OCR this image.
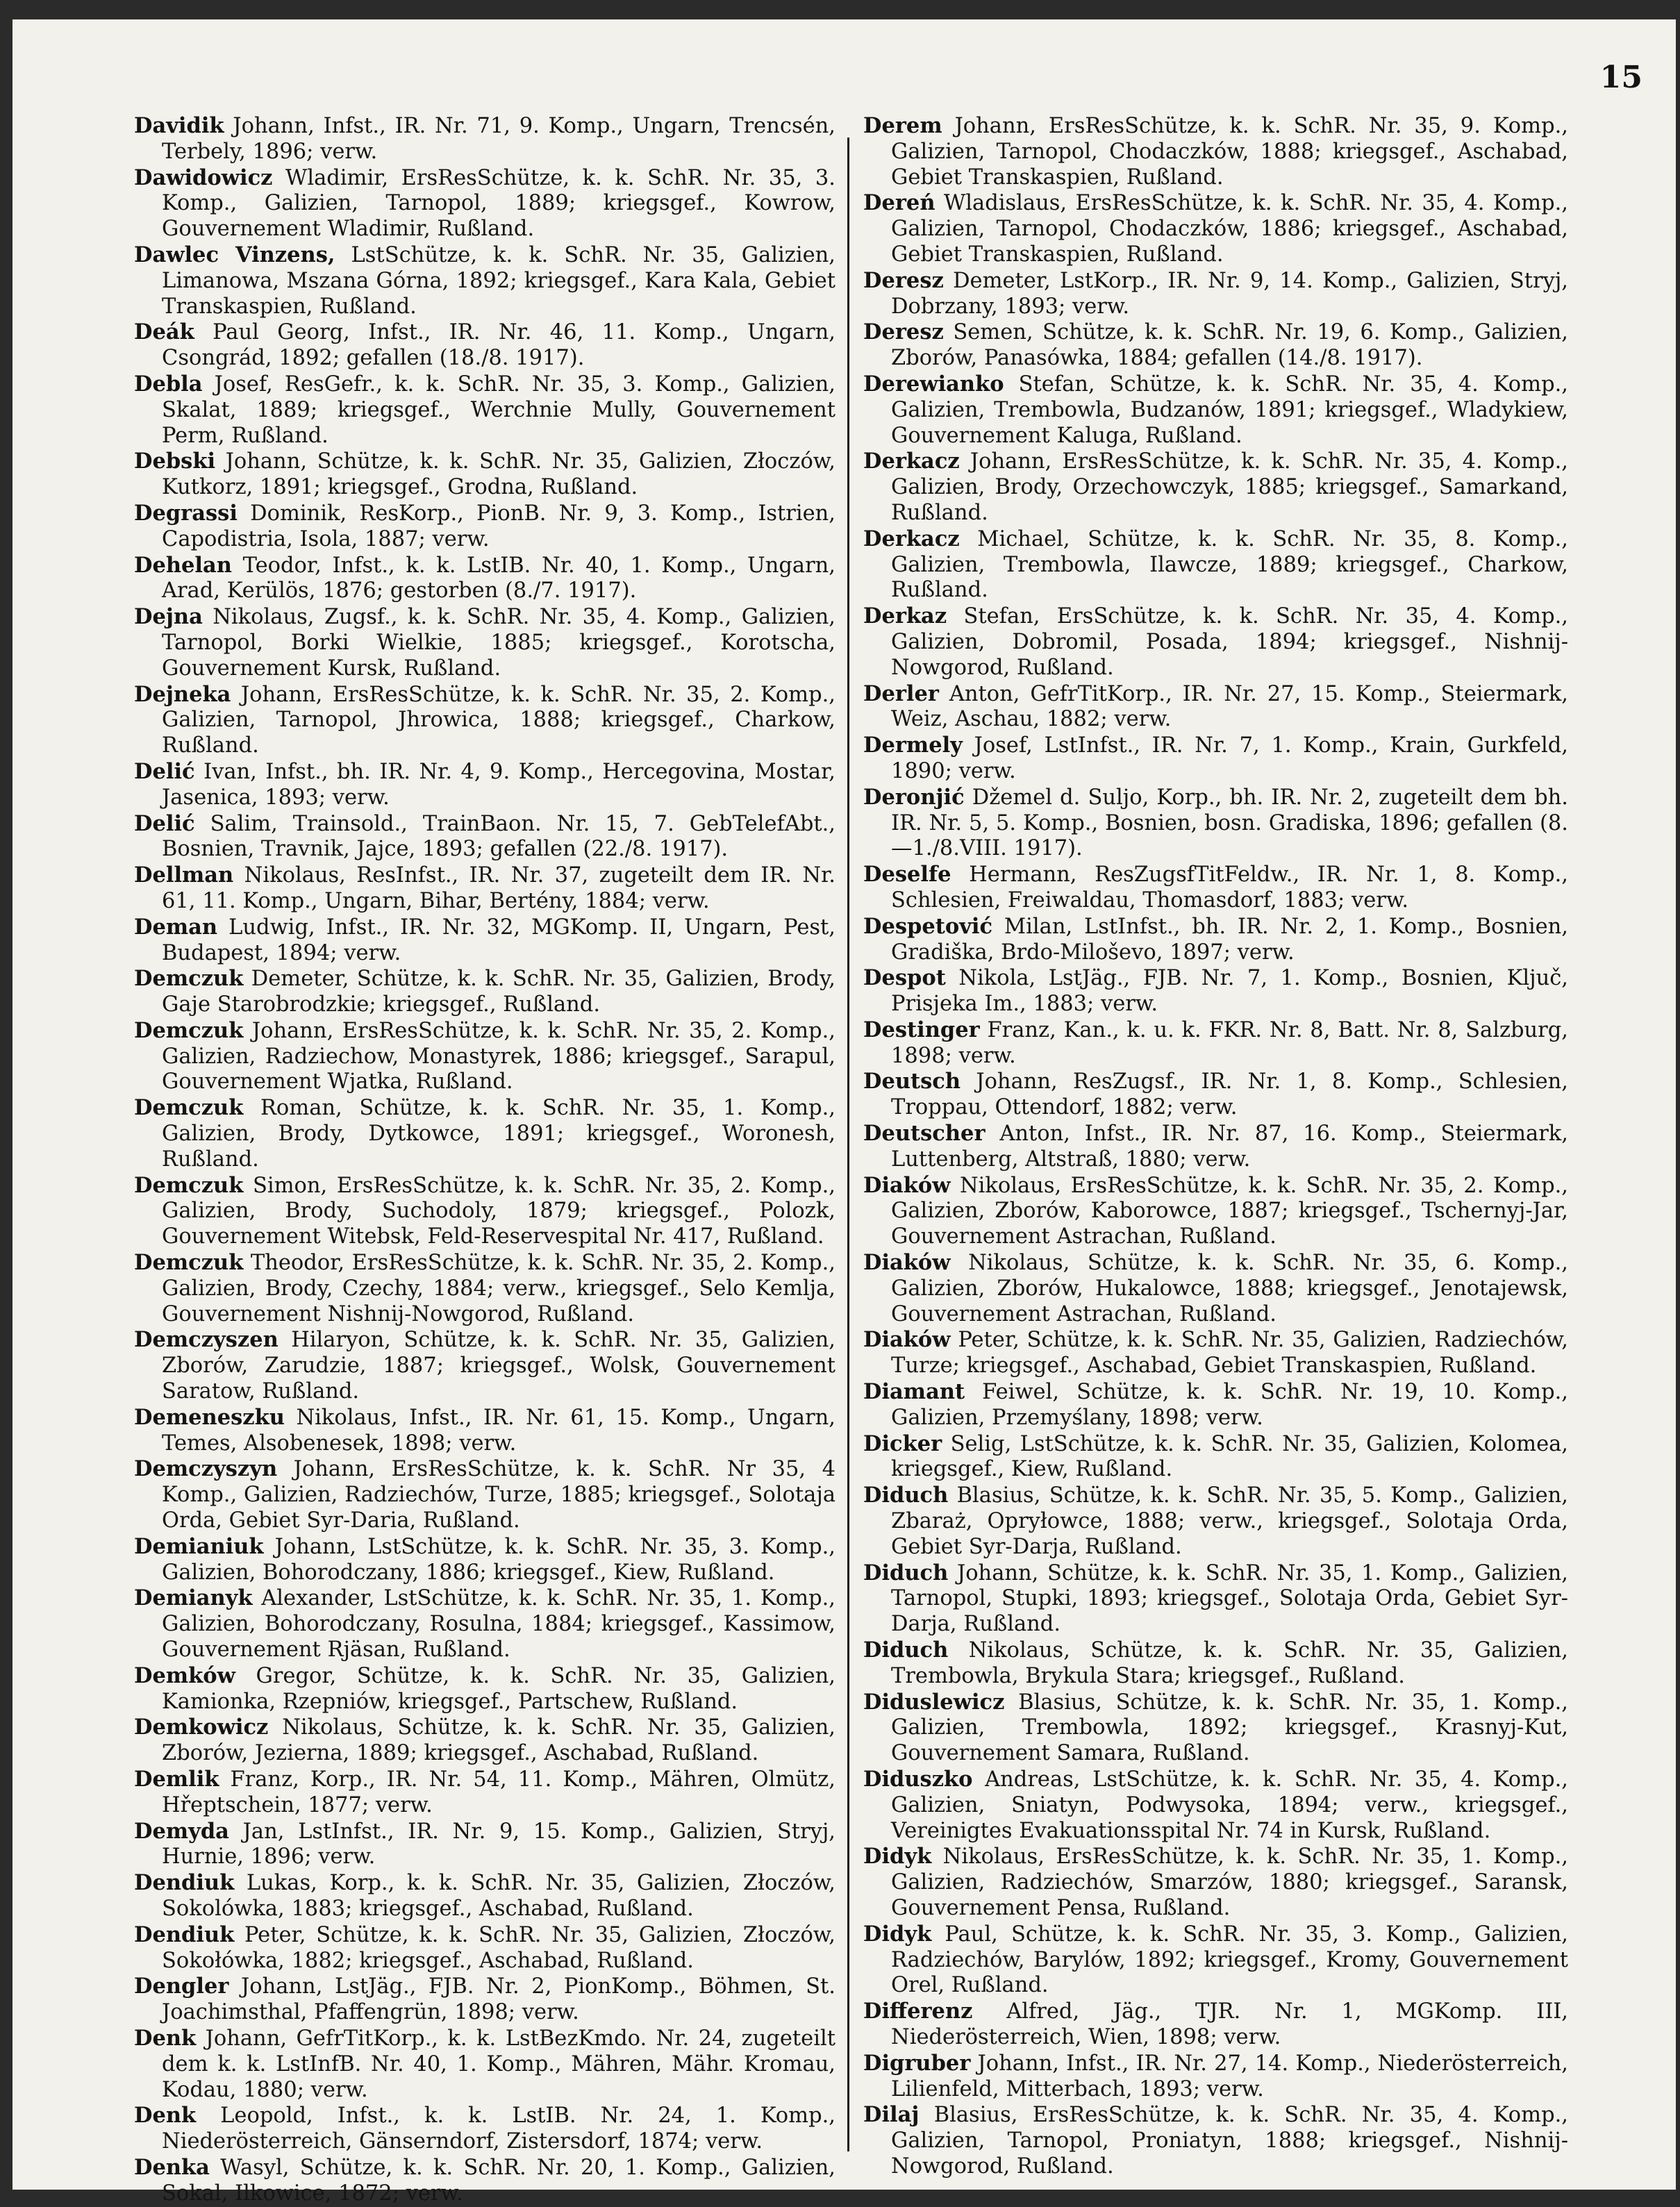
15

Davidik Johann, Infst., IR. Nr. 71, 9. Komp., Ungarn, Trencsén, Terbely, 1896; verw.

Dawidowicz Wladimir, ErsResSchütze, k. k. SchR. Nr. 35, 3. Komp., Galizien, Tarnopol, 1889; kriegsgef., Kowrow, Gouvernement Wladimir, Rußland.

Dawlec Vinzens, LstSchütze, k. k. SchR. Nr. 35, Galizien, Limanowa, Mszana Górna, 1892; kriegsgef., Kara Kala, Gebiet Transkaspien, Rußland.

Deák Paul Georg, Infst., IR. Nr. 46, 11. Komp., Ungarn, Csongrád, 1892; gefallen (18./8. 1917).

Debla Josef, ResGefr., k. k. SchR. Nr. 35, 3. Komp., Galizien, Skalat, 1889; kriegsgef., Werchnie Mully, Gouvernement Perm, Rußland.

Debski Johann, Schütze, k. k. SchR. Nr. 35, Galizien, Złoczów, Kutkorz, 1891; kriegsgef., Grodna, Rußland.

Degrassi Dominik, ResKorp., PionB. Nr. 9, 3. Komp., Istrien, Capodistria, Isola, 1887; verw.

Dehelan Teodor, Infst., k. k. LstIB. Nr. 40, 1. Komp., Ungarn, Arad, Kerülös, 1876; gestorben (8./7. 1917).

Dejna Nikolaus, Zugsf., k. k. SchR. Nr. 35, 4. Komp., Galizien, Tarnopol, Borki Wielkie, 1885; kriegsgef., Korotscha, Gouvernement Kursk, Rußland.

Dejneka Johann, ErsResSchütze, k. k. SchR. Nr. 35, 2. Komp., Galizien, Tarnopol, Jhrowica, 1888; kriegsgef., Charkow, Rußland.

Delić Ivan, Infst., bh. IR. Nr. 4, 9. Komp., Hercegovina, Mostar, Jasenica, 1893; verw.

Delić Salim, Trainsold., TrainBaon. Nr. 15, 7. GebTelefAbt., Bosnien, Travnik, Jajce, 1893; gefallen (22./8. 1917).

Dellman Nikolaus, ResInfst., IR. Nr. 37, zugeteilt dem IR. Nr. 61, 11. Komp., Ungarn, Bihar, Bertény, 1884; verw.

Deman Ludwig, Infst., IR. Nr. 32, MGKomp. II, Ungarn, Pest, Budapest, 1894; verw.

Demczuk Demeter, Schütze, k. k. SchR. Nr. 35, Galizien, Brody, Gaje Starobrodzkie; kriegsgef., Rußland.

Demczuk Johann, ErsResSchütze, k. k. SchR. Nr. 35, 2. Komp., Galizien, Radziechow, Monastyrek, 1886; kriegsgef., Sarapul, Gouvernement Wjatka, Rußland.

Demczuk Roman, Schütze, k. k. SchR. Nr. 35, 1. Komp., Galizien, Brody, Dytkowce, 1891; kriegsgef., Woronesh, Rußland.

Demczuk Simon, ErsResSchütze, k. k. SchR. Nr. 35, 2. Komp., Galizien, Brody, Suchodoly, 1879; kriegsgef., Polozk, Gouvernement Witebsk, Feld-Reservespital Nr. 417, Rußland.

Demczuk Theodor, ErsResSchütze, k. k. SchR. Nr. 35, 2. Komp., Galizien, Brody, Czechy, 1884; verw., kriegsgef., Selo Kemlja, Gouvernement Nishnij-Nowgorod, Rußland.

Demczyszen Hilaryon, Schütze, k. k. SchR. Nr. 35, Galizien, Zborów, Zarudzie, 1887; kriegsgef., Wolsk, Gouvernement Saratow, Rußland.

Demeneszku Nikolaus, Infst., IR. Nr. 61, 15. Komp., Ungarn, Temes, Alsobenesek, 1898; verw.

Demczyszyn Johann, ErsResSchütze, k. k. SchR. Nr 35, 4 Komp., Galizien, Radziechów, Turze, 1885; kriegsgef., Solotaja Orda, Gebiet Syr-Daria, Rußland.

Demianiuk Johann, LstSchütze, k. k. SchR. Nr. 35, 3. Komp., Galizien, Bohorodczany, 1886; kriegsgef., Kiew, Rußland.

Demianyk Alexander, LstSchütze, k. k. SchR. Nr. 35, 1. Komp., Galizien, Bohorodczany, Rosulna, 1884; kriegsgef., Kassimow, Gouvernement Rjäsan, Rußland.

Demków Gregor, Schütze, k. k. SchR. Nr. 35, Galizien, Kamionka, Rzepniów, kriegsgef., Partschew, Rußland.

Demkowicz Nikolaus, Schütze, k. k. SchR. Nr. 35, Galizien, Zborów, Jezierna, 1889; kriegsgef., Aschabad, Rußland.

Demlik Franz, Korp., IR. Nr. 54, 11. Komp., Mähren, Olmütz, Hřeptschein, 1877; verw.

Demyda Jan, LstInfst., IR. Nr. 9, 15. Komp., Galizien, Stryj, Hurnie, 1896; verw.

Dendiuk Lukas, Korp., k. k. SchR. Nr. 35, Galizien, Złoczów, Sokolówka, 1883; kriegsgef., Aschabad, Rußland.

Dendiuk Peter, Schütze, k. k. SchR. Nr. 35, Galizien, Złoczów, Sokołówka, 1882; kriegsgef., Aschabad, Rußland.

Dengler Johann, LstJäg., FJB. Nr. 2, PionKomp., Böhmen, St. Joachimsthal, Pfaffengrün, 1898; verw.

Denk Johann, GefrTitKorp., k. k. LstBezKmdo. Nr. 24, zugeteilt dem k. k. LstInfB. Nr. 40, 1. Komp., Mähren, Mähr. Kromau, Kodau, 1880; verw.

Denk Leopold, Infst., k. k. LstIB. Nr. 24, 1. Komp., Niederösterreich, Gänserndorf, Zistersdorf, 1874; verw.

Denka Wasyl, Schütze, k. k. SchR. Nr. 20, 1. Komp., Galizien, Sokal, Ilkowice, 1872; verw.

Derem Johann, ErsResSchütze, k. k. SchR. Nr. 35, 9. Komp., Galizien, Tarnopol, Chodaczków, 1888; kriegsgef., Aschabad, Gebiet Transkaspien, Rußland.

Dereń Wladislaus, ErsResSchütze, k. k. SchR. Nr. 35, 4. Komp., Galizien, Tarnopol, Chodaczków, 1886; kriegsgef., Aschabad, Gebiet Transkaspien, Rußland.

Deresz Demeter, LstKorp., IR. Nr. 9, 14. Komp., Galizien, Stryj, Dobrzany, 1893; verw.

Deresz Semen, Schütze, k. k. SchR. Nr. 19, 6. Komp., Galizien, Zborów, Panasówka, 1884; gefallen (14./8. 1917).

Derewianko Stefan, Schütze, k. k. SchR. Nr. 35, 4. Komp., Galizien, Trembowla, Budzanów, 1891; kriegsgef., Wladykiew, Gouvernement Kaluga, Rußland.

Derkacz Johann, ErsResSchütze, k. k. SchR. Nr. 35, 4. Komp., Galizien, Brody, Orzechowczyk, 1885; kriegsgef., Samarkand, Rußland.

Derkacz Michael, Schütze, k. k. SchR. Nr. 35, 8. Komp., Galizien, Trembowla, Ilawcze, 1889; kriegsgef., Charkow, Rußland.

Derkaz Stefan, ErsSchütze, k. k. SchR. Nr. 35, 4. Komp., Galizien, Dobromil, Posada, 1894; kriegsgef., Nishnij-Nowgorod, Rußland.

Derler Anton, GefrTitKorp., IR. Nr. 27, 15. Komp., Steiermark, Weiz, Aschau, 1882; verw.

Dermely Josef, LstInfst., IR. Nr. 7, 1. Komp., Krain, Gurkfeld, 1890; verw.

Deronjić Džemel d. Suljo, Korp., bh. IR. Nr. 2, zugeteilt dem bh. IR. Nr. 5, 5. Komp., Bosnien, bosn. Gradiska, 1896; gefallen (8.—1./8.VIII. 1917).

Deselfe Hermann, ResZugsfTitFeldw., IR. Nr. 1, 8. Komp., Schlesien, Freiwaldau, Thomasdorf, 1883; verw.

Despetović Milan, LstInfst., bh. IR. Nr. 2, 1. Komp., Bosnien, Gradiška, Brdo-Miloševo, 1897; verw.

Despot Nikola, LstJäg., FJB. Nr. 7, 1. Komp., Bosnien, Ključ, Prisjeka Im., 1883; verw.

Destinger Franz, Kan., k. u. k. FKR. Nr. 8, Batt. Nr. 8, Salzburg, 1898; verw.

Deutsch Johann, ResZugsf., IR. Nr. 1, 8. Komp., Schlesien, Troppau, Ottendorf, 1882; verw.

Deutscher Anton, Infst., IR. Nr. 87, 16. Komp., Steiermark, Luttenberg, Altstraß, 1880; verw.

Diaków Nikolaus, ErsResSchütze, k. k. SchR. Nr. 35, 2. Komp., Galizien, Zborów, Kaborowce, 1887; kriegsgef., Tschernyj-Jar, Gouvernement Astrachan, Rußland.

Diaków Nikolaus, Schütze, k. k. SchR. Nr. 35, 6. Komp., Galizien, Zborów, Hukalowce, 1888; kriegsgef., Jenotajewsk, Gouvernement Astrachan, Rußland.

Diaków Peter, Schütze, k. k. SchR. Nr. 35, Galizien, Radziechów, Turze; kriegsgef., Aschabad, Gebiet Transkaspien, Rußland.

Diamant Feiwel, Schütze, k. k. SchR. Nr. 19, 10. Komp., Galizien, Przemyślany, 1898; verw.

Dicker Selig, LstSchütze, k. k. SchR. Nr. 35, Galizien, Kolomea, kriegsgef., Kiew, Rußland.

Diduch Blasius, Schütze, k. k. SchR. Nr. 35, 5. Komp., Galizien, Zbaraż, Opryłowce, 1888; verw., kriegsgef., Solotaja Orda, Gebiet Syr-Darja, Rußland.

Diduch Johann, Schütze, k. k. SchR. Nr. 35, 1. Komp., Galizien, Tarnopol, Stupki, 1893; kriegsgef., Solotaja Orda, Gebiet Syr-Darja, Rußland.

Diduch Nikolaus, Schütze, k. k. SchR. Nr. 35, Galizien, Trembowla, Brykula Stara; kriegsgef., Rußland.

Diduslewicz Blasius, Schütze, k. k. SchR. Nr. 35, 1. Komp., Galizien, Trembowla, 1892; kriegsgef., Krasnyj-Kut, Gouvernement Samara, Rußland.

Diduszko Andreas, LstSchütze, k. k. SchR. Nr. 35, 4. Komp., Galizien, Sniatyn, Podwysoka, 1894; verw., kriegsgef., Vereinigtes Evakuationsspital Nr. 74 in Kursk, Rußland.

Didyk Nikolaus, ErsResSchütze, k. k. SchR. Nr. 35, 1. Komp., Galizien, Radziechów, Smarzów, 1880; kriegsgef., Saransk, Gouvernement Pensa, Rußland.

Didyk Paul, Schütze, k. k. SchR. Nr. 35, 3. Komp., Galizien, Radziechów, Barylów, 1892; kriegsgef., Kromy, Gouvernement Orel, Rußland.

Differenz Alfred, Jäg., TJR. Nr. 1, MGKomp. III, Niederösterreich, Wien, 1898; verw.

Digruber Johann, Infst., IR. Nr. 27, 14. Komp., Niederösterreich, Lilienfeld, Mitterbach, 1893; verw.

Dilaj Blasius, ErsResSchütze, k. k. SchR. Nr. 35, 4. Komp., Galizien, Tarnopol, Proniatyn, 1888; kriegsgef., Nishnij-Nowgorod, Rußland.
